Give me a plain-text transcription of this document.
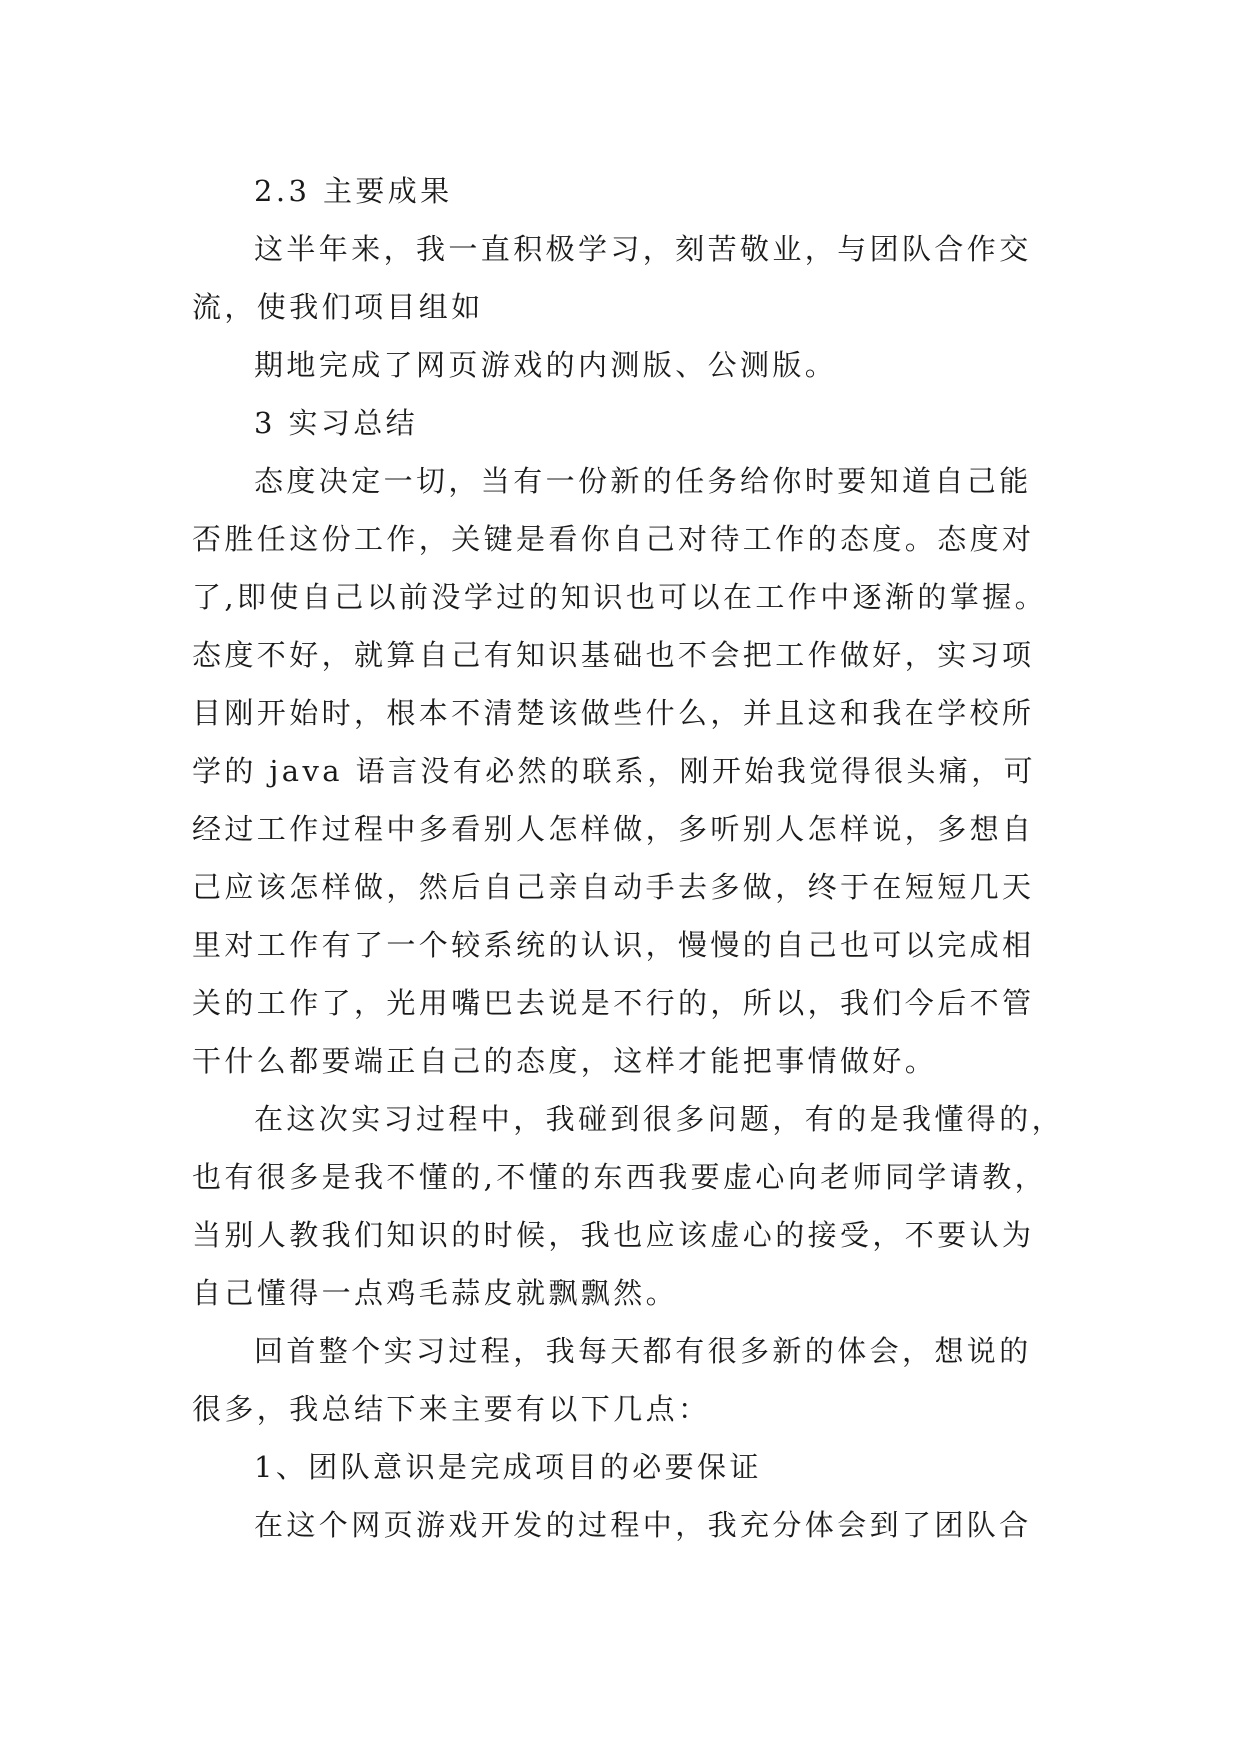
2.3 主要成果

这半年来，我一直积极学习，刻苦敬业，与团队合作交
流，使我们项目组如

期地完成了网页游戏的内测版、公测版。

3 实习总结

态度决定一切，当有一份新的任务给你时要知道自己能
否胜任这份工作，关键是看你自己对待工作的态度。态度对
了,即使自己以前没学过的知识也可以在工作中逐渐的掌握。
态度不好，就算自己有知识基础也不会把工作做好，实习项
目刚开始时，根本不清楚该做些什么，并且这和我在学校所
学的 java 语言没有必然的联系，刚开始我觉得很头痛，可
经过工作过程中多看别人怎样做，多听别人怎样说，多想自
己应该怎样做，然后自己亲自动手去多做，终于在短短几天
里对工作有了一个较系统的认识，慢慢的自己也可以完成相
关的工作了，光用嘴巴去说是不行的，所以，我们今后不管
干什么都要端正自己的态度，这样才能把事情做好。

在这次实习过程中，我碰到很多问题，有的是我懂得的，
也有很多是我不懂的,不懂的东西我要虚心向老师同学请教，
当别人教我们知识的时候，我也应该虚心的接受，不要认为
自己懂得一点鸡毛蒜皮就飘飘然。

回首整个实习过程，我每天都有很多新的体会，想说的
很多，我总结下来主要有以下几点：

1、团队意识是完成项目的必要保证

在这个网页游戏开发的过程中，我充分体会到了团队合
